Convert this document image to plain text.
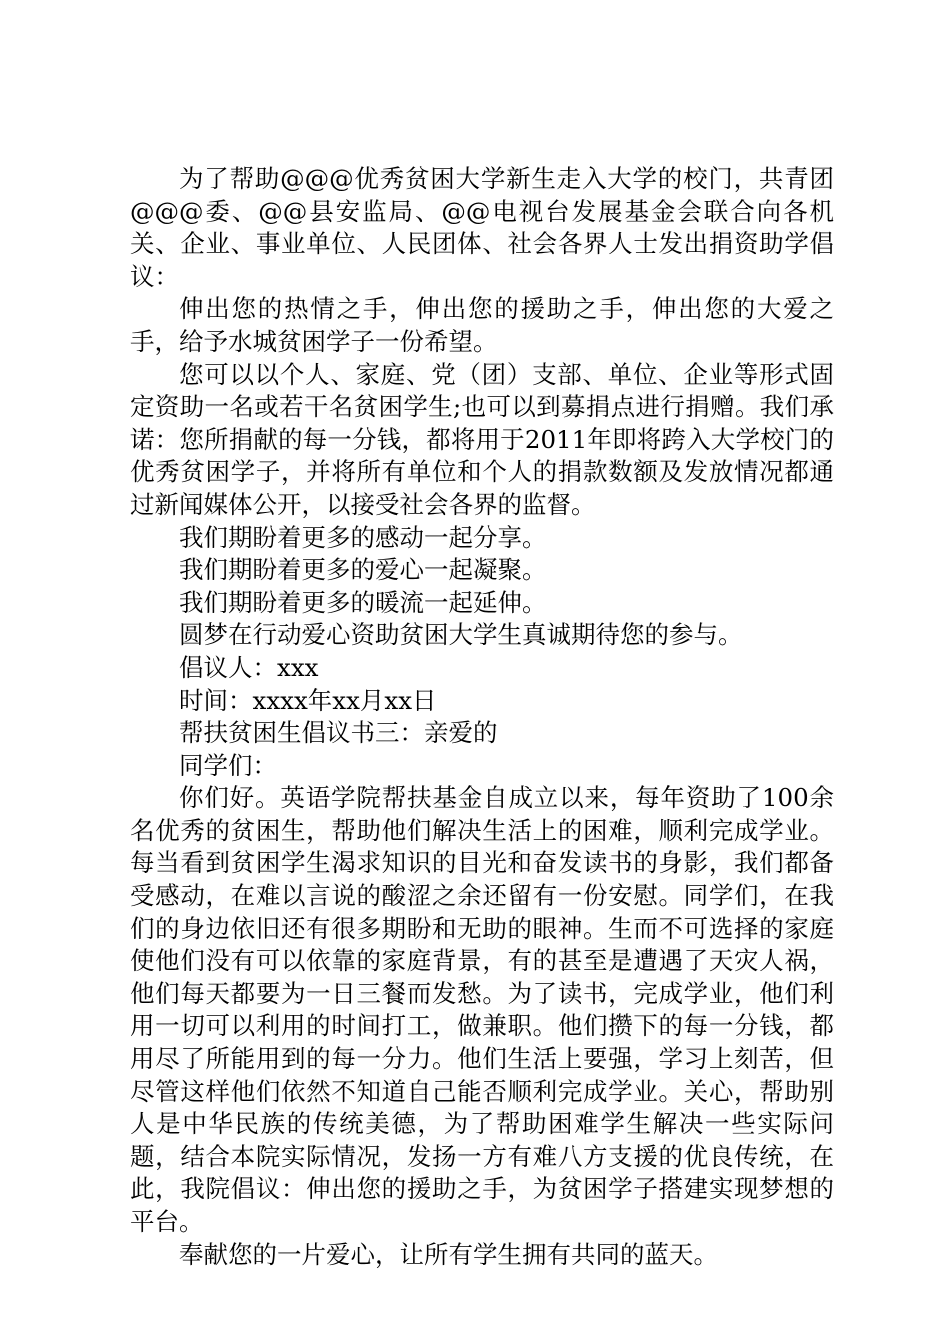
为了帮助@@@优秀贫困大学新生走入大学的校门，共青团@@@委、@@县安监局、@@电视台发展基金会联合向各机关、企业、事业单位、人民团体、社会各界人士发出捐资助学倡议：

伸出您的热情之手，伸出您的援助之手，伸出您的大爱之手，给予水城贫困学子一份希望。

您可以以个人、家庭、党（团）支部、单位、企业等形式固定资助一名或若干名贫困学生;也可以到募捐点进行捐赠。我们承诺：您所捐献的每一分钱，都将用于2011年即将跨入大学校门的优秀贫困学子，并将所有单位和个人的捐款数额及发放情况都通过新闻媒体公开，以接受社会各界的监督。

我们期盼着更多的感动一起分享。

我们期盼着更多的爱心一起凝聚。

我们期盼着更多的暖流一起延伸。

圆梦在行动爱心资助贫困大学生真诚期待您的参与。

倡议人：xxx

时间：xxxx年xx月xx日

帮扶贫困生倡议书三：亲爱的

同学们：

你们好。英语学院帮扶基金自成立以来，每年资助了100余名优秀的贫困生，帮助他们解决生活上的困难，顺利完成学业。每当看到贫困学生渴求知识的目光和奋发读书的身影，我们都备受感动，在难以言说的酸涩之余还留有一份安慰。同学们，在我们的身边依旧还有很多期盼和无助的眼神。生而不可选择的家庭使他们没有可以依靠的家庭背景，有的甚至是遭遇了天灾人祸，他们每天都要为一日三餐而发愁。为了读书，完成学业，他们利用一切可以利用的时间打工，做兼职。他们攒下的每一分钱，都用尽了所能用到的每一分力。他们生活上要强，学习上刻苦，但尽管这样他们依然不知道自己能否顺利完成学业。关心，帮助别人是中华民族的传统美德，为了帮助困难学生解决一些实际问题，结合本院实际情况，发扬一方有难八方支援的优良传统，在此，我院倡议：伸出您的援助之手，为贫困学子搭建实现梦想的平台。

奉献您的一片爱心，让所有学生拥有共同的蓝天。
